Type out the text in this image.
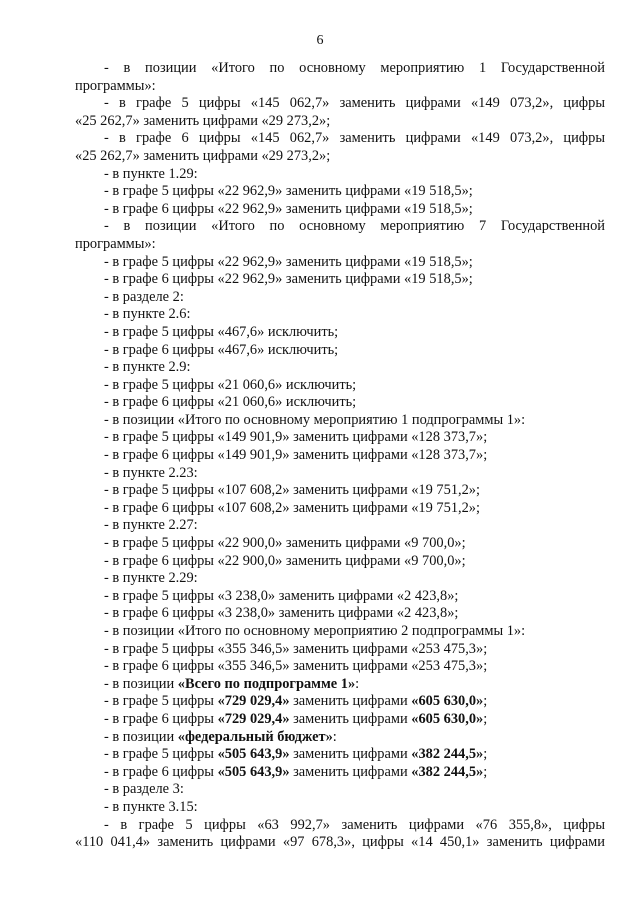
6
- в позиции «Итого по основному мероприятию 1 Государственной
программы»:
- в графе 5 цифры «145 062,7» заменить цифрами «149 073,2», цифры
«25 262,7» заменить цифрами «29 273,2»;
- в графе 6 цифры «145 062,7» заменить цифрами «149 073,2», цифры
«25 262,7» заменить цифрами «29 273,2»;
- в пункте 1.29:
- в графе 5 цифры «22 962,9» заменить цифрами «19 518,5»;
- в графе 6 цифры «22 962,9» заменить цифрами «19 518,5»;
- в позиции «Итого по основному мероприятию 7 Государственной
программы»:
- в графе 5 цифры «22 962,9» заменить цифрами «19 518,5»;
- в графе 6 цифры «22 962,9» заменить цифрами «19 518,5»;
- в разделе 2:
- в пункте 2.6:
- в графе 5 цифры «467,6» исключить;
- в графе 6 цифры «467,6» исключить;
- в пункте 2.9:
- в графе 5 цифры «21 060,6» исключить;
- в графе 6 цифры «21 060,6» исключить;
- в позиции «Итого по основному мероприятию 1 подпрограммы 1»:
- в графе 5 цифры «149 901,9» заменить цифрами «128 373,7»;
- в графе 6 цифры «149 901,9» заменить цифрами «128 373,7»;
- в пункте 2.23:
- в графе 5 цифры «107 608,2» заменить цифрами «19 751,2»;
- в графе 6 цифры «107 608,2» заменить цифрами «19 751,2»;
- в пункте 2.27:
- в графе 5 цифры «22 900,0» заменить цифрами «9 700,0»;
- в графе 6 цифры «22 900,0» заменить цифрами «9 700,0»;
- в пункте 2.29:
- в графе 5 цифры «3 238,0» заменить цифрами «2 423,8»;
- в графе 6 цифры «3 238,0» заменить цифрами «2 423,8»;
- в позиции «Итого по основному мероприятию 2 подпрограммы 1»:
- в графе 5 цифры «355 346,5» заменить цифрами «253 475,3»;
- в графе 6 цифры «355 346,5» заменить цифрами «253 475,3»;
- в позиции «Всего по подпрограмме 1»:
- в графе 5 цифры «729 029,4» заменить цифрами «605 630,0»;
- в графе 6 цифры «729 029,4» заменить цифрами «605 630,0»;
- в позиции «федеральный бюджет»:
- в графе 5 цифры «505 643,9» заменить цифрами «382 244,5»;
- в графе 6 цифры «505 643,9» заменить цифрами «382 244,5»;
- в разделе 3:
- в пункте 3.15:
- в графе 5 цифры «63 992,7» заменить цифрами «76 355,8», цифры
«110 041,4» заменить цифрами «97 678,3», цифры «14 450,1» заменить цифрами
